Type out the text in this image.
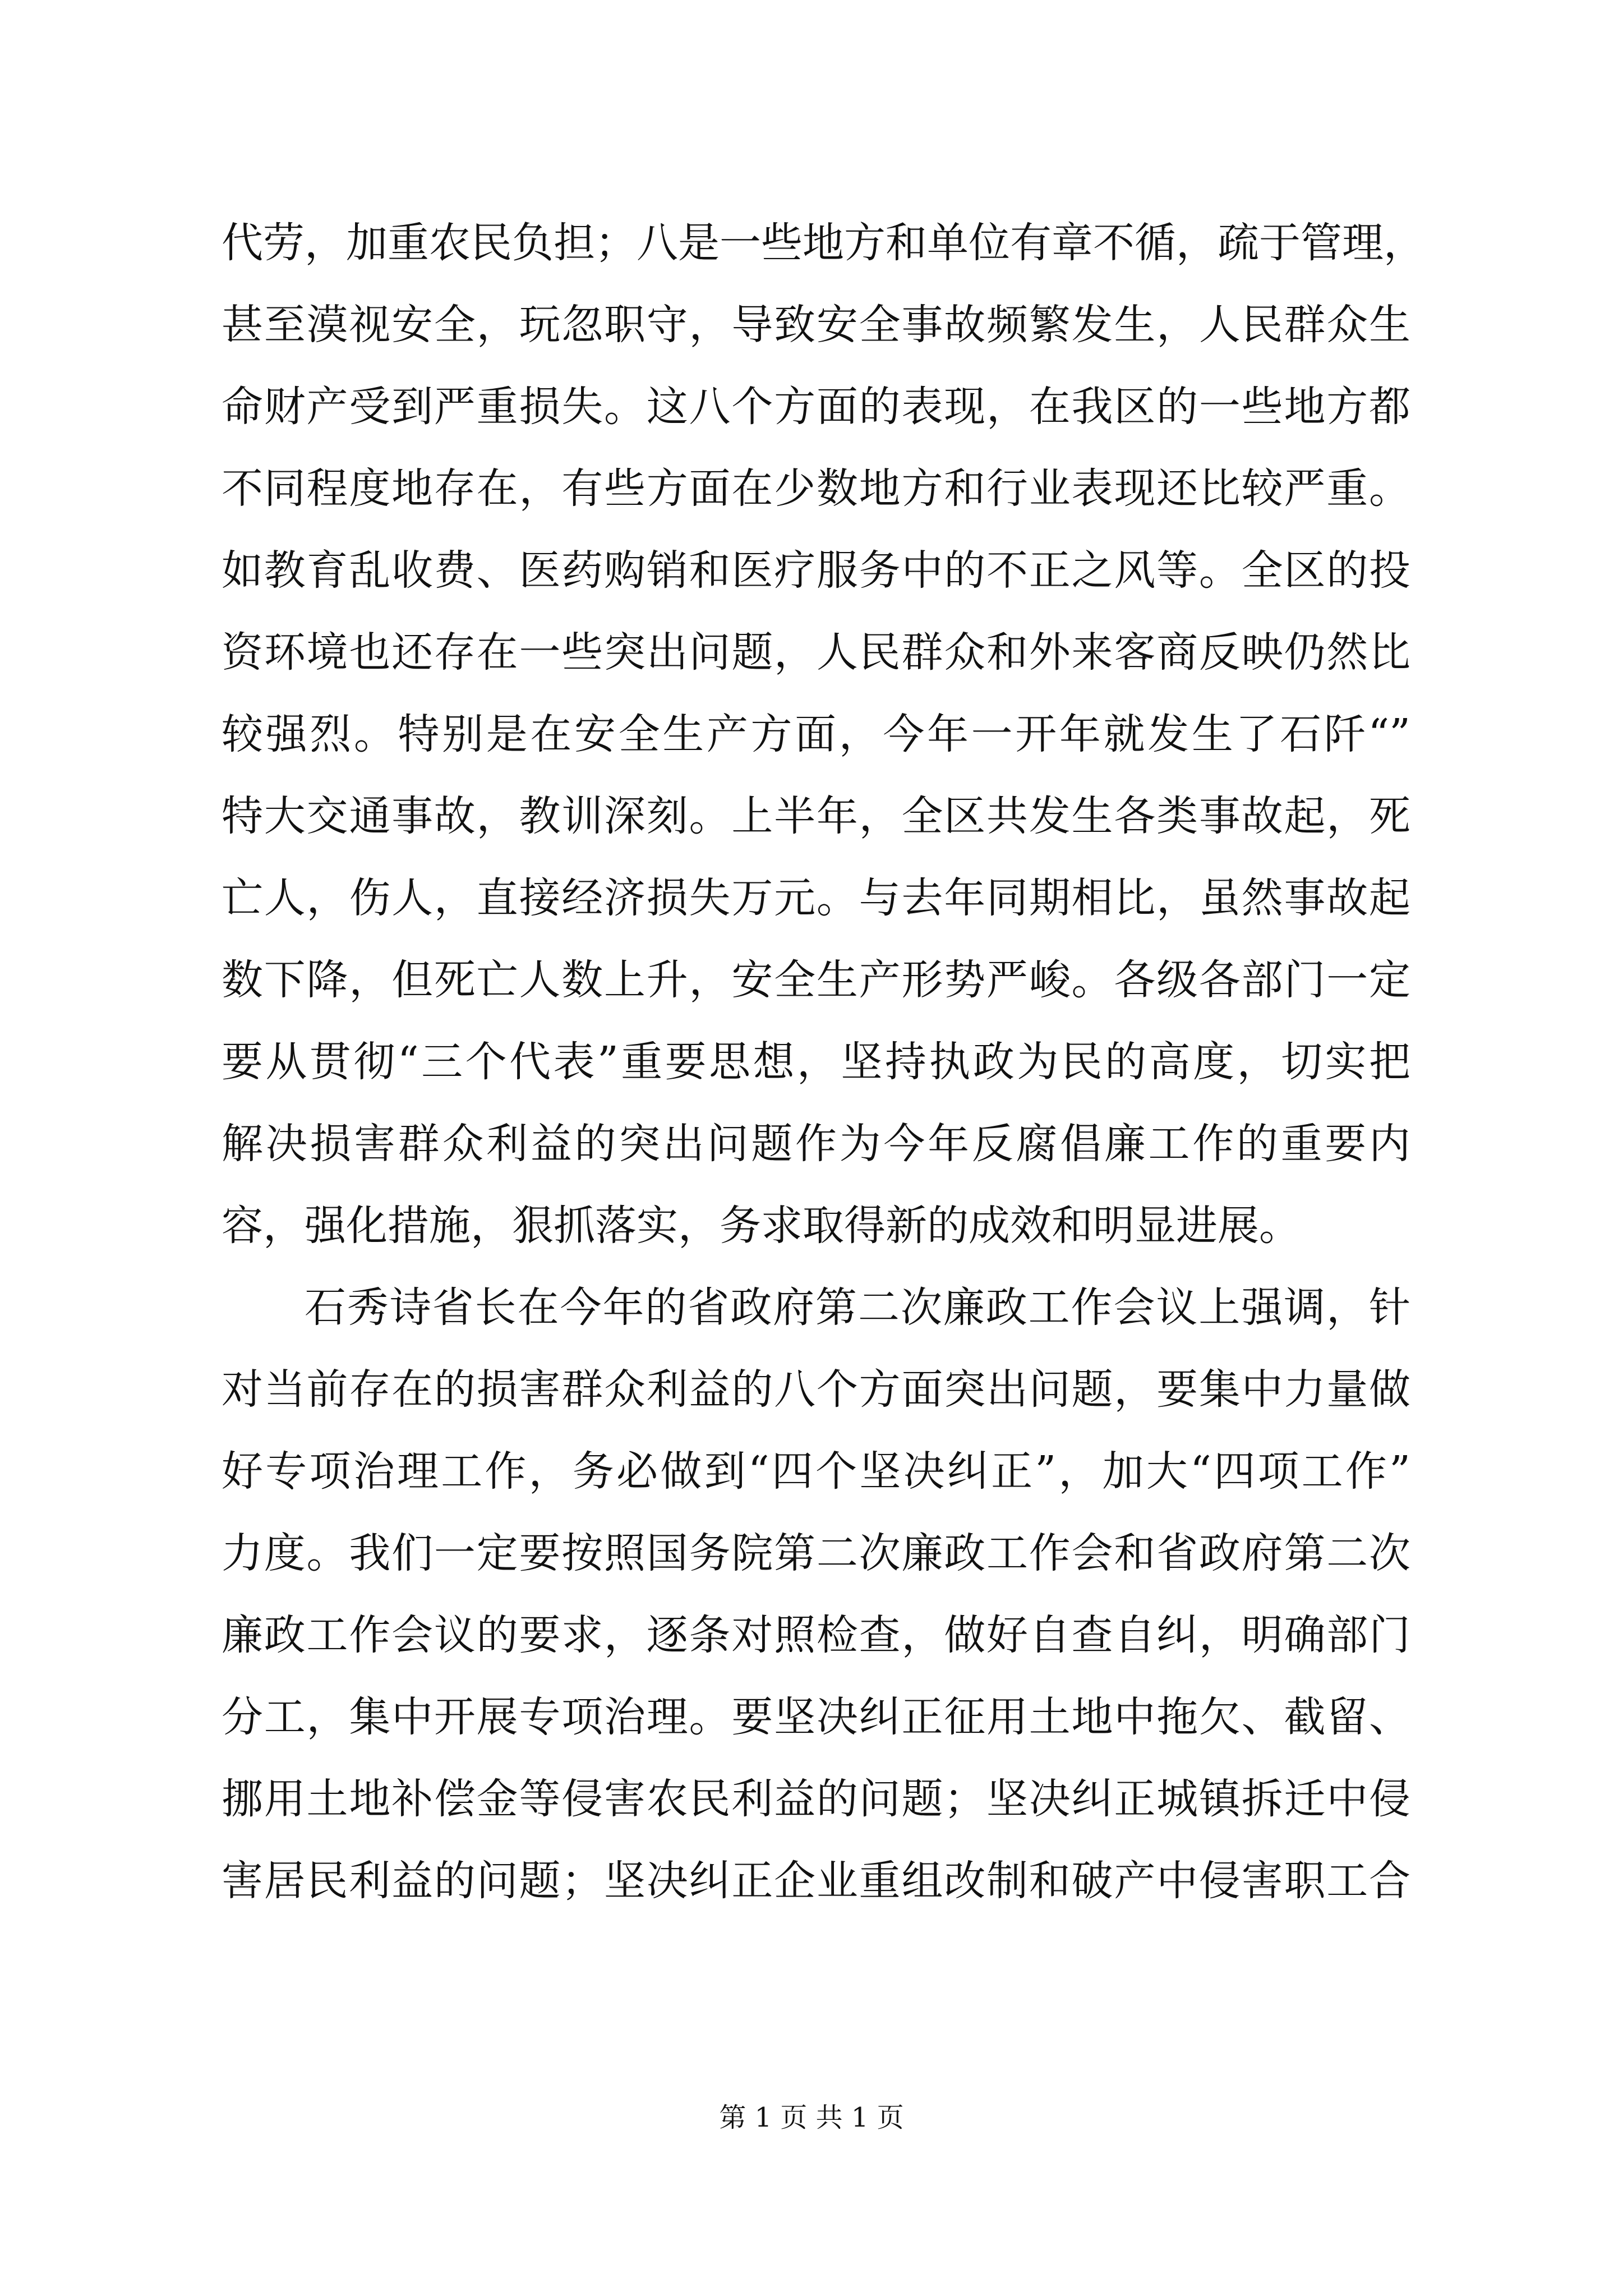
代劳，加重农民负担；八是一些地方和单位有章不循，疏于管理，
甚至漠视安全，玩忽职守，导致安全事故频繁发生，人民群众生
命财产受到严重损失。这八个方面的表现，在我区的一些地方都
不同程度地存在，有些方面在少数地方和行业表现还比较严重。
如教育乱收费、医药购销和医疗服务中的不正之风等。全区的投
资环境也还存在一些突出问题，人民群众和外来客商反映仍然比
较强烈。特别是在安全生产方面，今年一开年就发生了石阡“”
特大交通事故，教训深刻。上半年，全区共发生各类事故起，死
亡人，伤人，直接经济损失万元。与去年同期相比，虽然事故起
数下降，但死亡人数上升，安全生产形势严峻。各级各部门一定
要从贯彻“三个代表”重要思想，坚持执政为民的高度，切实把
解决损害群众利益的突出问题作为今年反腐倡廉工作的重要内
容，强化措施，狠抓落实，务求取得新的成效和明显进展。
石秀诗省长在今年的省政府第二次廉政工作会议上强调，针
对当前存在的损害群众利益的八个方面突出问题，要集中力量做
好专项治理工作，务必做到“四个坚决纠正”，加大“四项工作”
力度。我们一定要按照国务院第二次廉政工作会和省政府第二次
廉政工作会议的要求，逐条对照检查，做好自查自纠，明确部门
分工，集中开展专项治理。要坚决纠正征用土地中拖欠、截留、
挪用土地补偿金等侵害农民利益的问题；坚决纠正城镇拆迁中侵
害居民利益的问题；坚决纠正企业重组改制和破产中侵害职工合
第 1 页 共 1 页
